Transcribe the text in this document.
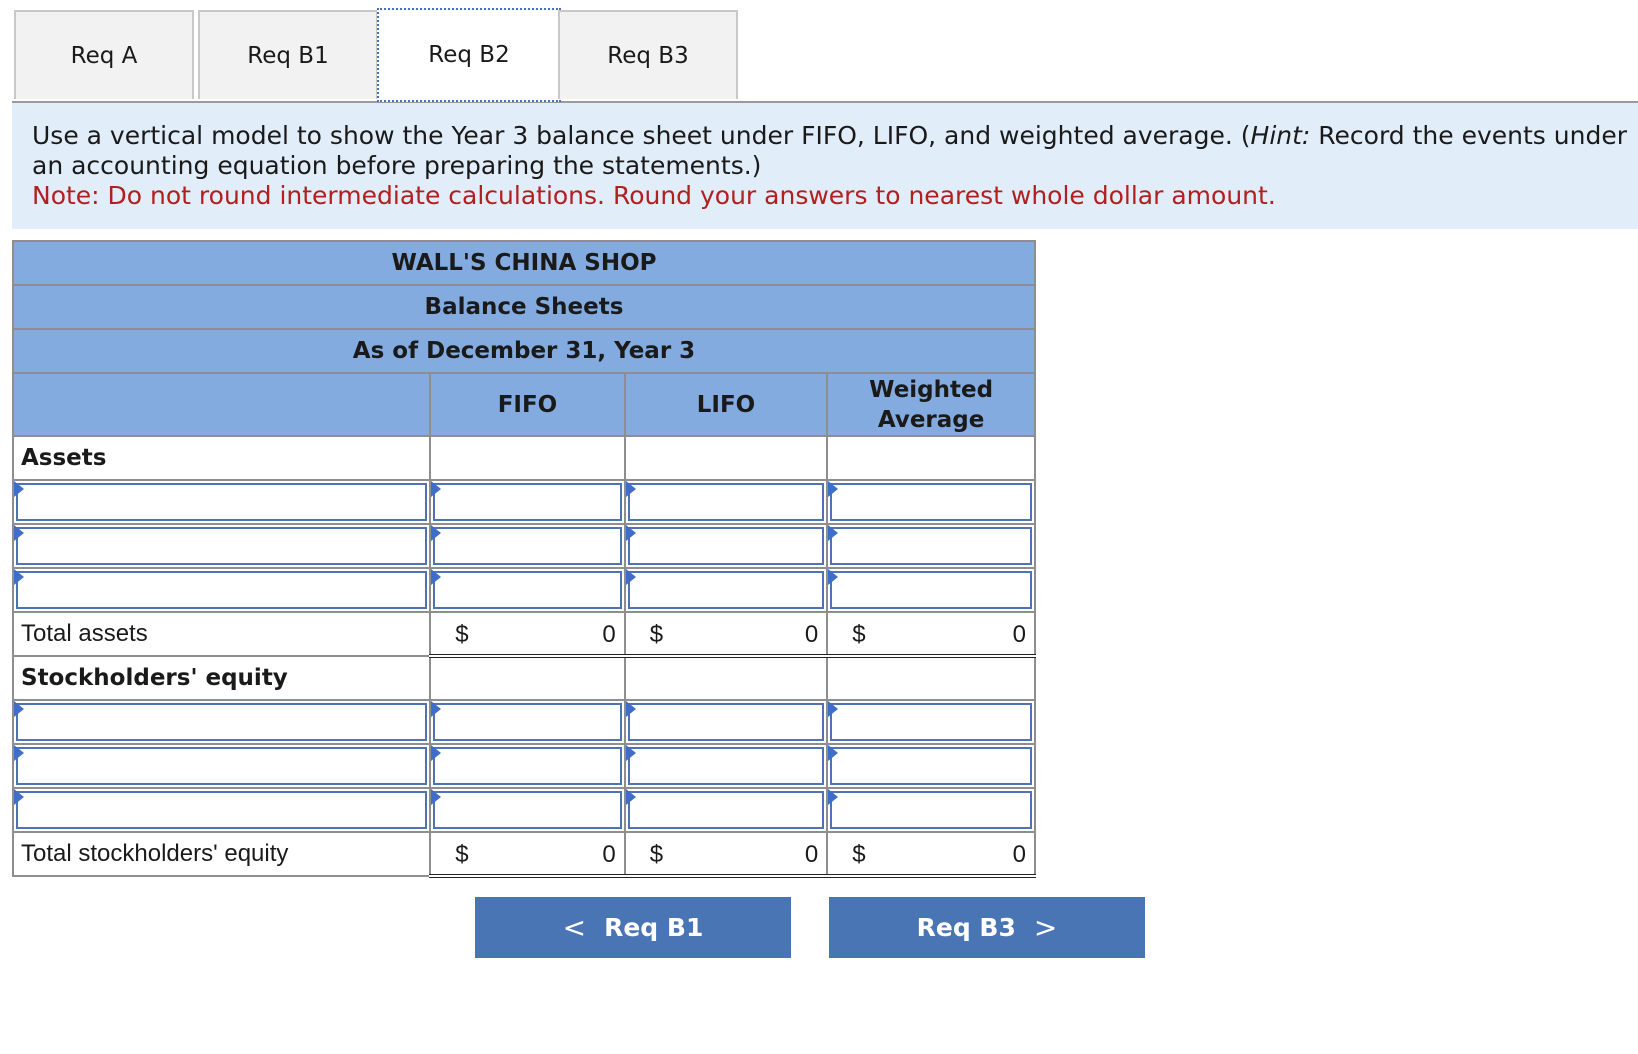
Req A	Req B1	Req B2	Req B3
Use a vertical model to show the Year 3 balance sheet under FIFO, LIFO, and weighted average. (Hint: Record the events under an accounting equation before preparing the statements.)
Note: Do not round intermediate calculations. Round your answers to nearest whole dollar amount.
WALL'S CHINA SHOP			
Balance Sheets			
As of December 31, Year 3			
	FIFO	LIFO	Weighted Average

Assets			

Total assets	$ 0	$ 0	$ 0

Stockholders' equity			

Total stockholders' equity	$ 0	$ 0	$ 0
< Req B1	Req B3 >
